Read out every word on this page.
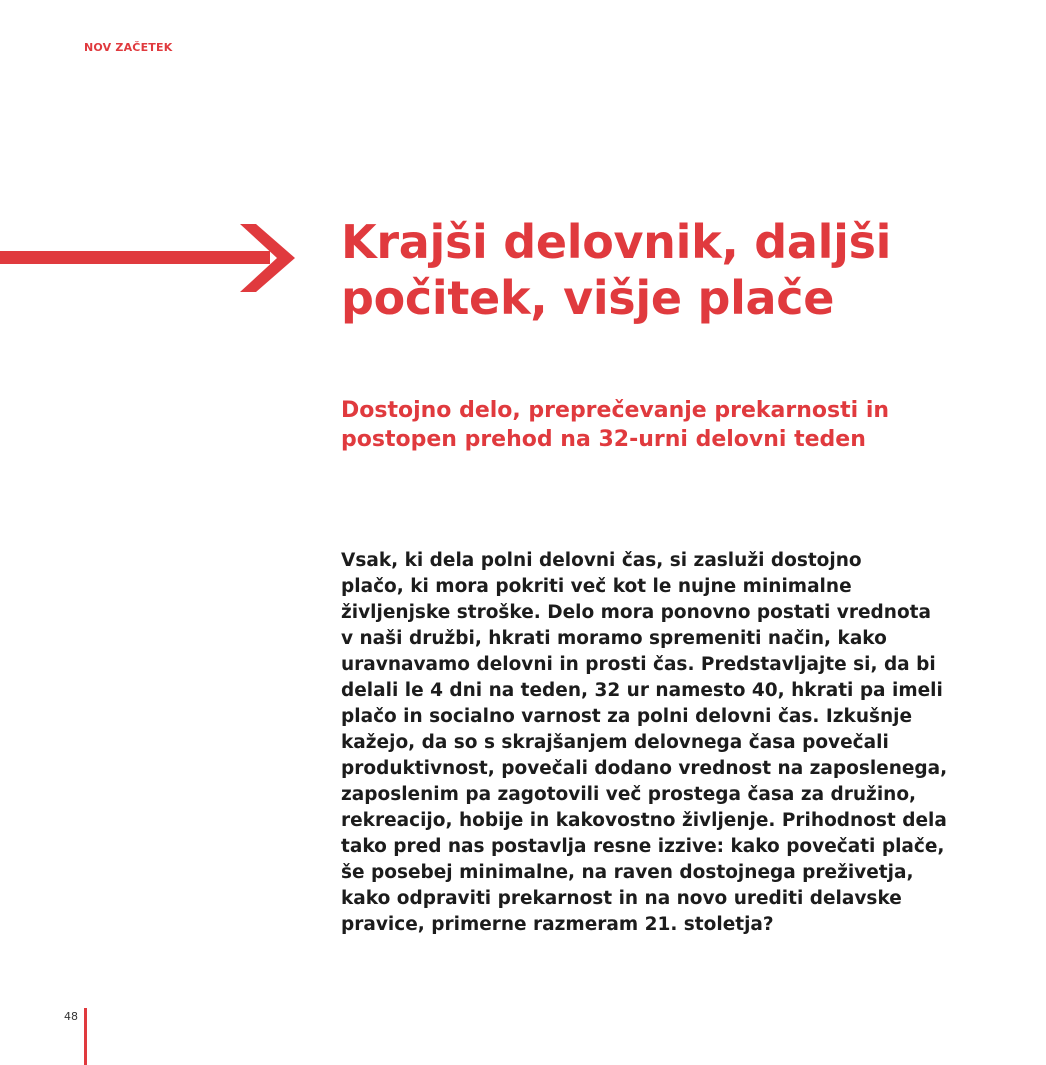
NOV ZAČETEK
Krajši delovnik, daljši
počitek, višje plače
Dostojno delo, preprečevanje prekarnosti in
postopen prehod na 32-urni delovni teden

Vsak, ki dela polni delovni čas, si zasluži dostojno
plačo, ki mora pokriti več kot le nujne minimalne
življenjske stroške. Delo mora ponovno postati vrednota
v naši družbi, hkrati moramo spremeniti način, kako
uravnavamo delovni in prosti čas. Predstavljajte si, da bi
delali le 4 dni na teden, 32 ur namesto 40, hkrati pa imeli
plačo in socialno varnost za polni delovni čas. Izkušnje
kažejo, da so s skrajšanjem delovnega časa povečali
produktivnost, povečali dodano vrednost na zaposlenega,
zaposlenim pa zagotovili več prostega časa za družino,
rekreacijo, hobije in kakovostno življenje. Prihodnost dela
tako pred nas postavlja resne izzive: kako povečati plače,
še posebej minimalne, na raven dostojnega preživetja,
kako odpraviti prekarnost in na novo urediti delavske
pravice, primerne razmeram 21. stoletja?

48
